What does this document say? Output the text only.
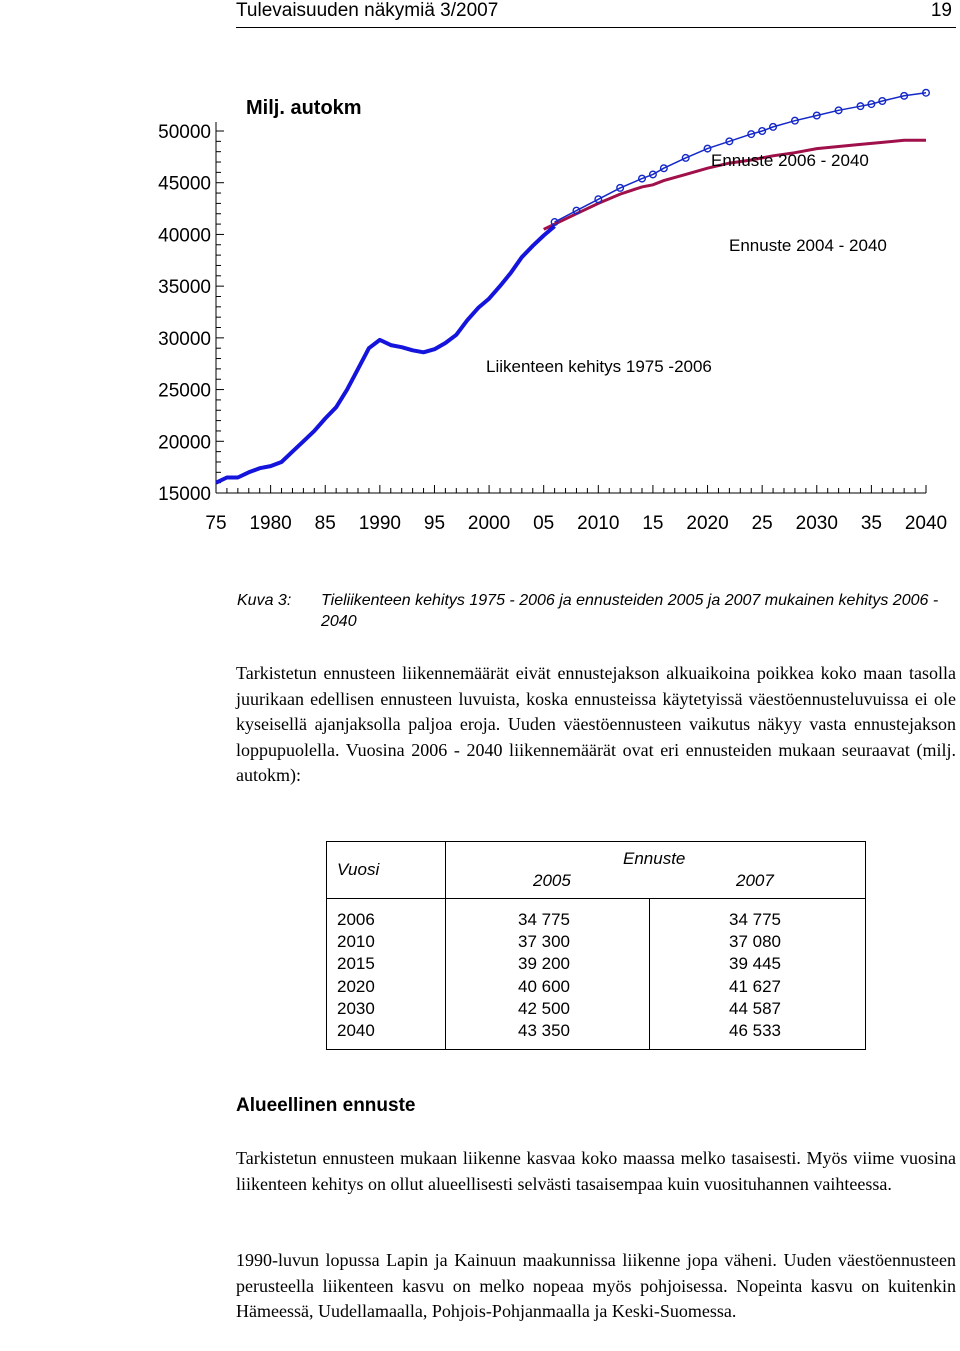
Tulevaisuuden näkymiä 3/2007	19
15000
20000
25000
30000
35000
40000
45000
50000
75 1980 85 1990 95 2000 05 2010 15 2020 25 2030 35 2040
Milj. autokm
Ennuste 2006 - 2040
Ennuste 2004 - 2040
Liikenteen kehitys 1975 -2006
Kuva 3: Tieliikenteen kehitys 1975 - 2006 ja ennusteiden 2005 ja 2007 mukainen kehitys 2006 - 2040
Tarkistetun ennusteen liikennemäärät eivät ennustejakson alkuaikoina poikkea koko maan tasolla juurikaan edellisen ennusteen luvuista, koska ennusteissa käytetyissä väestöennusteluvuissa ei ole kyseisellä ajanjaksolla paljoa eroja. Uuden väestöennusteen vaikutus näkyy vasta ennustejakson loppupuolella. Vuosina 2006 - 2040 liikennemäärät ovat eri ennusteiden mukaan seuraavat (milj. autokm):
Vuosi
Ennuste
2005	2007
2006
2010
2015
2020
2030
2040
34 775
37 300
39 200
40 600
42 500
43 350
34 775
37 080
39 445
41 627
44 587
46 533
Alueellinen ennuste
Tarkistetun ennusteen mukaan liikenne kasvaa koko maassa melko tasaisesti. Myös viime vuosina liikenteen kehitys on ollut alueellisesti selvästi tasaisempaa kuin vuosituhannen vaihteessa.
1990-luvun lopussa Lapin ja Kainuun maakunnissa liikenne jopa väheni. Uuden väestöennusteen perusteella liikenteen kasvu on melko nopeaa myös pohjoisessa. Nopeinta kasvu on kuitenkin Hämeessä, Uudellamaalla, Pohjois-Pohjanmaalla ja Keski-Suomessa.
